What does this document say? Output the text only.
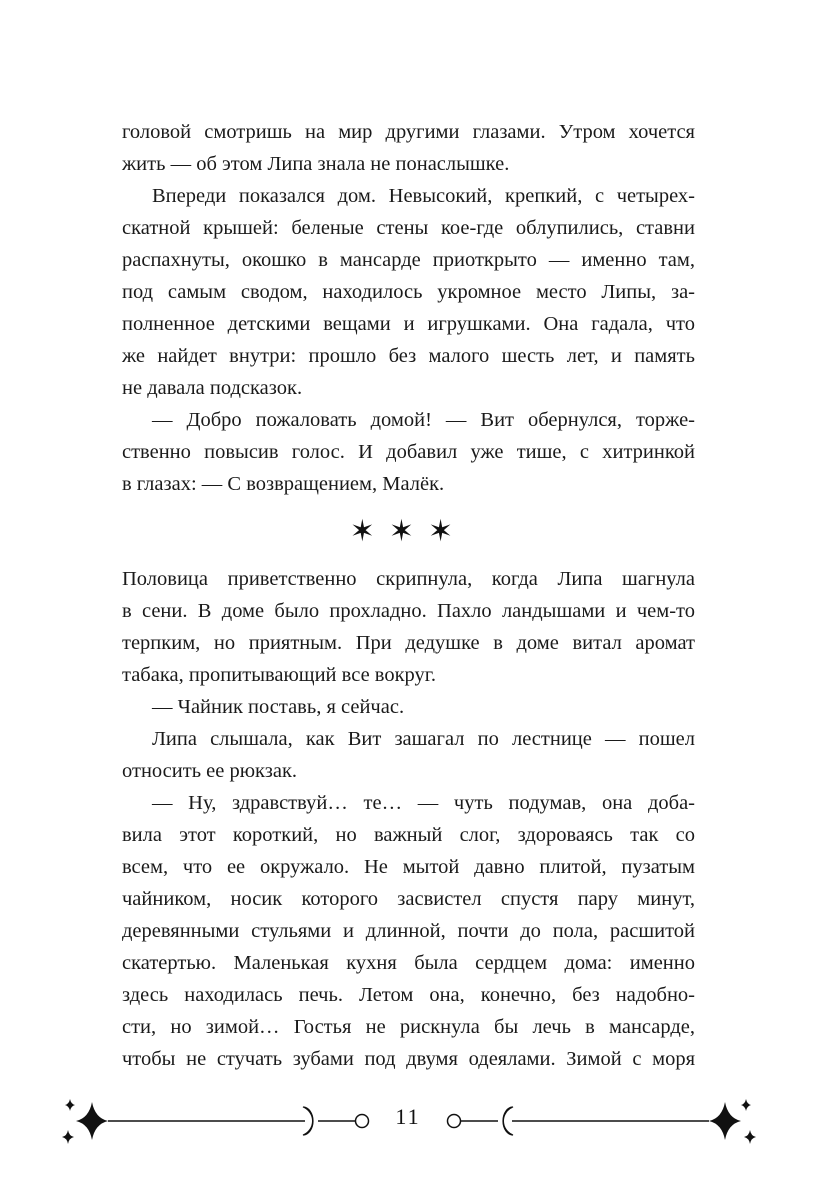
головой смотришь на мир другими глазами. Утром хочется
жить — об этом Липа знала не понаслышке.
Впереди показался дом. Невысокий, крепкий, с четырех-
скатной крышей: беленые стены кое-где облупились, ставни
распахнуты, окошко в мансарде приоткрыто — именно там,
под самым сводом, находилось укромное место Липы, за-
полненное детскими вещами и игрушками. Она гадала, что
же найдет внутри: прошло без малого шесть лет, и память
не давала подсказок.
— Добро пожаловать домой! — Вит обернулся, торже-
ственно повысив голос. И добавил уже тише, с хитринкой
в глазах: — С возвращением, Малёк.
✶✶✶
Половица приветственно скрипнула, когда Липа шагнула
в сени. В доме было прохладно. Пахло ландышами и чем-то
терпким, но приятным. При дедушке в доме витал аромат
табака, пропитывающий все вокруг.
— Чайник поставь, я сейчас.
Липа слышала, как Вит зашагал по лестнице — пошел
относить ее рюкзак.
— Ну, здравствуй… те… — чуть подумав, она доба-
вила этот короткий, но важный слог, здороваясь так со
всем, что ее окружало. Не мытой давно плитой, пузатым
чайником, носик которого засвистел спустя пару минут,
деревянными стульями и длинной, почти до пола, расшитой
скатертью. Маленькая кухня была сердцем дома: именно
здесь находилась печь. Летом она, конечно, без надобно-
сти, но зимой… Гостья не рискнула бы лечь в мансарде,
чтобы не стучать зубами под двумя одеялами. Зимой с моря
11
